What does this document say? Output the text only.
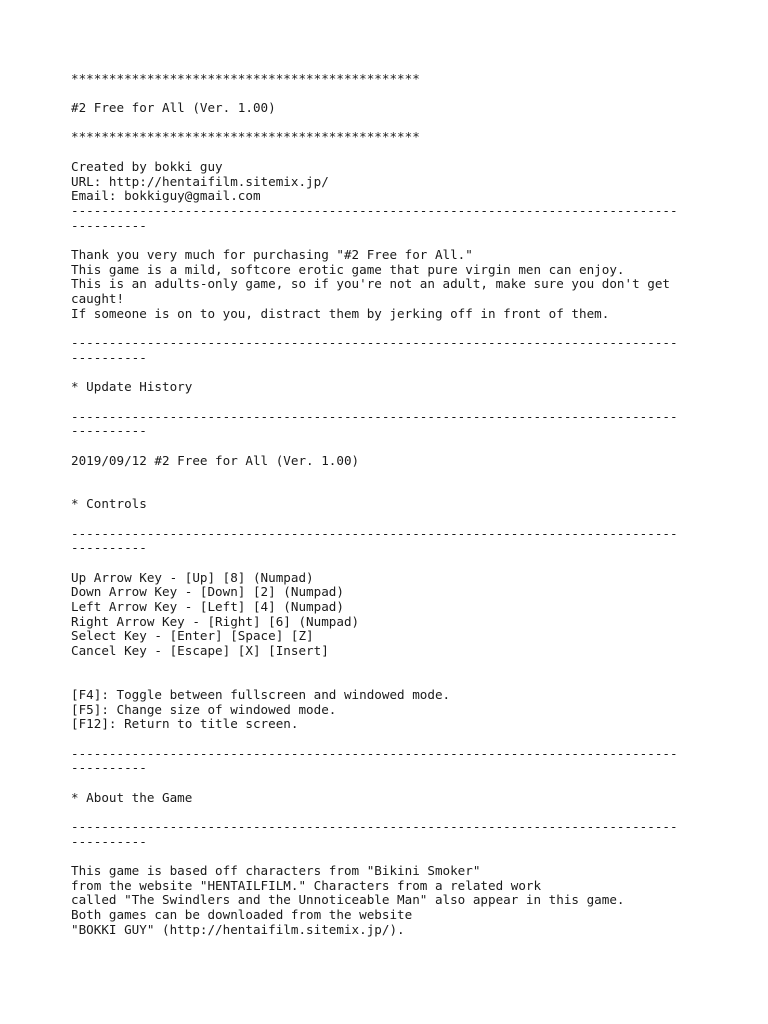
**********************************************
#2 Free for All (Ver. 1.00)
**********************************************
Created by bokki guy
URL: http://hentaifilm.sitemix.jp/
Email: bokkiguy@gmail.com
--------------------------------------------------------------------------------
----------
Thank you very much for purchasing "#2 Free for All."
This game is a mild, softcore erotic game that pure virgin men can enjoy.
This is an adults-only game, so if you're not an adult, make sure you don't get
caught!
If someone is on to you, distract them by jerking off in front of them.
--------------------------------------------------------------------------------
----------
* Update History
--------------------------------------------------------------------------------
----------
2019/09/12 #2 Free for All (Ver. 1.00)
* Controls
--------------------------------------------------------------------------------
----------
Up Arrow Key - [Up] [8] (Numpad)
Down Arrow Key - [Down] [2] (Numpad)
Left Arrow Key - [Left] [4] (Numpad)
Right Arrow Key - [Right] [6] (Numpad)
Select Key - [Enter] [Space] [Z]
Cancel Key - [Escape] [X] [Insert]
[F4]: Toggle between fullscreen and windowed mode.
[F5]: Change size of windowed mode.
[F12]: Return to title screen.
--------------------------------------------------------------------------------
----------
* About the Game
--------------------------------------------------------------------------------
----------
This game is based off characters from "Bikini Smoker"
from the website "HENTAILFILM." Characters from a related work
called "The Swindlers and the Unnoticeable Man" also appear in this game.
Both games can be downloaded from the website
"BOKKI GUY" (http://hentaifilm.sitemix.jp/).
